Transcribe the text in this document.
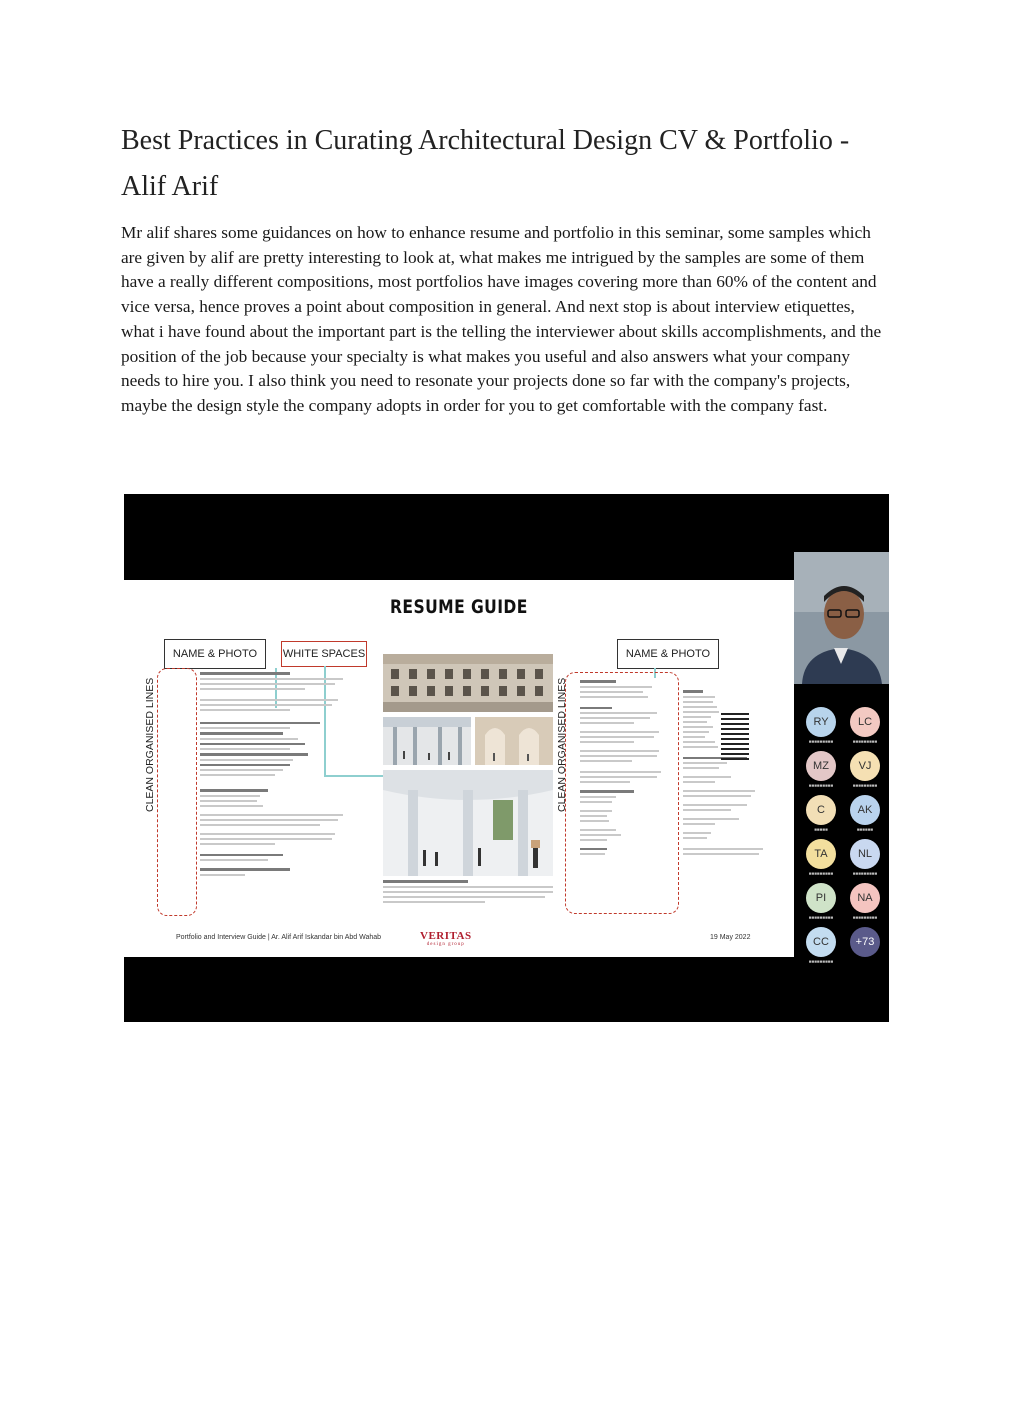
Best Practices in Curating Architectural Design CV & Portfolio - Alif Arif

Mr alif shares some guidances on how to enhance resume and portfolio in this seminar, some samples which are given by alif are pretty interesting to look at, what makes me intrigued by the samples are some of them have a really different compositions, most portfolios have images covering more than 60% of the content and vice versa, hence proves a point about composition in general. And next stop is about interview etiquettes, what i have found about the important part is the telling the interviewer about skills accomplishments, and the position of the job because your specialty is what makes you useful and also answers what your company needs to hire you. I also think you need to resonate your projects done so far with the company's projects, maybe the design style the company adopts in order for you to get comfortable with the company fast.

RESUME GUIDE
NAME & PHOTO	WHITE SPACES	NAME & PHOTO
CLEAN ORGANISED LINES	CLEAN ORGANISED LINES
Portfolio and Interview Guide | Ar. Alif Arif Iskandar bin Abd Wahab	VERITAS
design group
19 May 2022
RY	LC
MZ	VJ
C	AK
TA	NL
PI	NA
CC	+73
■■■■■■■■■	■■■■■■■■■
■■■■■■■■■	■■■■■■■■■
■■■■■	■■■■■■
■■■■■■■■■	■■■■■■■■■
■■■■■■■■■	■■■■■■■■■
■■■■■■■■■
